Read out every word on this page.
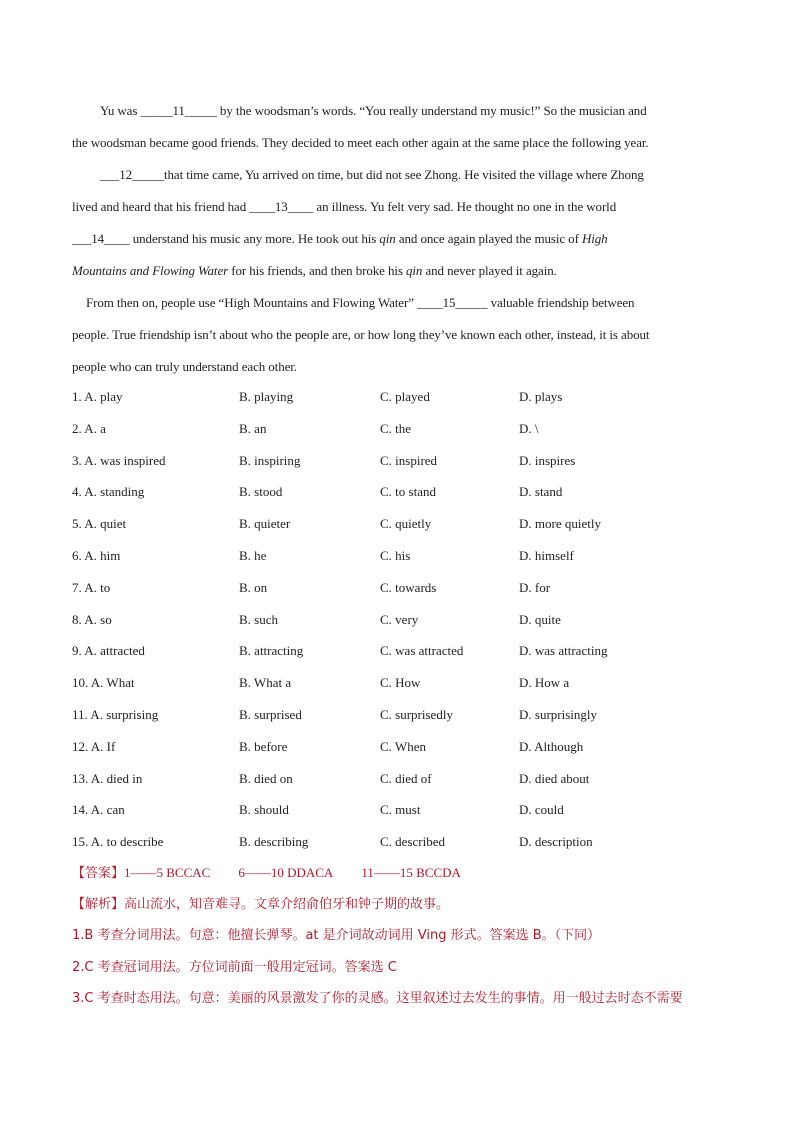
Yu was _____11_____ by the woodsman’s words. “You really understand my music!” So the musician and
the woodsman became good friends. They decided to meet each other again at the same place the following year.
___12_____that time came, Yu arrived on time, but did not see Zhong. He visited the village where Zhong
lived and heard that his friend had ____13____ an illness. Yu felt very sad. He thought no one in the world
___14____ understand his music any more. He took out his qin and once again played the music of High
Mountains and Flowing Water for his friends, and then broke his qin and never played it again.
From then on, people use “High Mountains and Flowing Water” ____15_____ valuable friendship between
people. True friendship isn’t about who the people are, or how long they’ve known each other, instead, it is about
people who can truly understand each other.
1. A. play	B. playing	C. played	D. plays
2. A. a	B. an	C. the	D. \
3. A. was inspired	B. inspiring	C. inspired	D. inspires
4. A. standing	B. stood	C. to stand	D. stand
5. A. quiet	B. quieter	C. quietly	D. more quietly
6. A. him	B. he	C. his	D. himself
7. A. to	B. on	C. towards	D. for
8. A. so	B. such	C. very	D. quite
9. A. attracted	B. attracting	C. was attracted	D. was attracting
10. A. What	B. What a	C. How	D. How a
11. A. surprising	B. surprised	C. surprisedly	D. surprisingly
12. A. If	B. before	C. When	D. Although
13. A. died in	B. died on	C. died of	D. died about
14. A. can	B. should	C. must	D. could
15. A. to describe	B. describing	C. described	D. description
【答案】1——5 BCCAC 6——10 DDACA 11——15 BCCDA
【解析】高山流水，知音难寻。文章介绍俞伯牙和钟子期的故事。
1.B 考查分词用法。句意：他擅长弹琴。at 是介词故动词用 Ving 形式。答案选 B。（下同）
2.C 考查冠词用法。方位词前面一般用定冠词。答案选 C
3.C 考查时态用法。句意：美丽的风景激发了你的灵感。这里叙述过去发生的事情。用一般过去时态不需要
